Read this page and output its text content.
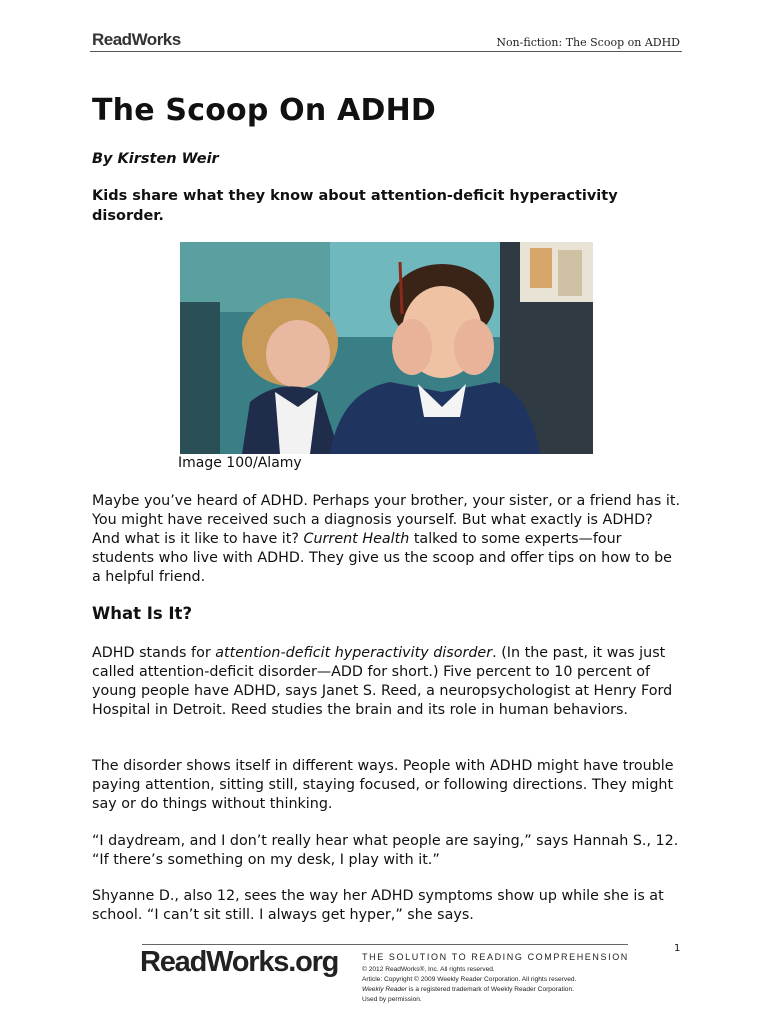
ReadWorks	Non-fiction: The Scoop on ADHD
The Scoop On ADHD
By Kirsten Weir
Kids share what they know about attention-deficit hyperactivity disorder.
Image 100/Alamy

Maybe you’ve heard of ADHD. Perhaps your brother, your sister, or a friend has it. You might have received such a diagnosis yourself. But what exactly is ADHD? And what is it like to have it? Current Health talked to some experts—four students who live with ADHD. They give us the scoop and offer tips on how to be a helpful friend.

What Is It?

ADHD stands for attention-deficit hyperactivity disorder. (In the past, it was just called attention-deficit disorder—ADD for short.) Five percent to 10 percent of young people have ADHD, says Janet S. Reed, a neuropsychologist at Henry Ford Hospital in Detroit. Reed studies the brain and its role in human behaviors.

The disorder shows itself in different ways. People with ADHD might have trouble paying attention, sitting still, staying focused, or following directions. They might say or do things without thinking.

“I daydream, and I don’t really hear what people are saying,” says Hannah S., 12. “If there’s something on my desk, I play with it.”

Shyanne D., also 12, sees the way her ADHD symptoms show up while she is at school. “I can’t sit still. I always get hyper,” she says.

ReadWorks.org	THE SOLUTION TO READING COMPREHENSION
© 2012 ReadWorks®, Inc. All rights reserved.
Article: Copyright © 2009 Weekly Reader Corporation. All rights reserved.
Weekly Reader is a registered trademark of Weekly Reader Corporation.
Used by permission.
1
